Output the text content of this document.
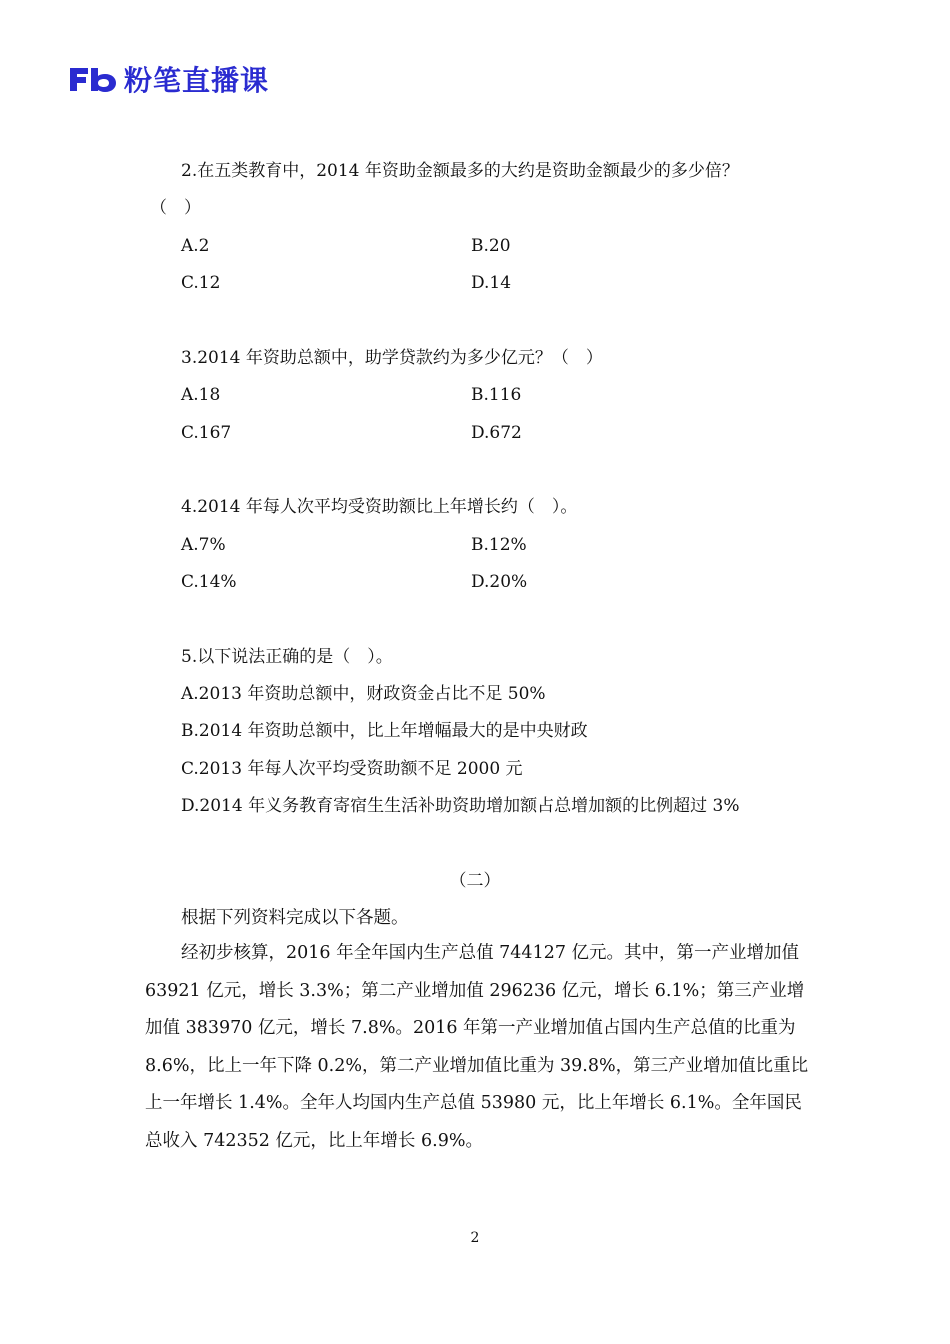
粉笔直播课
2.在五类教育中，2014 年资助金额最多的大约是资助金额最少的多少倍？
（　）
A.2	B.20
C.12	D.14
3.2014 年资助总额中，助学贷款约为多少亿元？（　）
A.18	B.116
C.167	D.672
4.2014 年每人次平均受资助额比上年增长约（　）。
A.7%	B.12%
C.14%	D.20%
5.以下说法正确的是（　）。
A.2013 年资助总额中，财政资金占比不足 50%
B.2014 年资助总额中，比上年增幅最大的是中央财政
C.2013 年每人次平均受资助额不足 2000 元
D.2014 年义务教育寄宿生生活补助资助增加额占总增加额的比例超过 3%
（二）
根据下列资料完成以下各题。
经初步核算，2016 年全年国内生产总值 744127 亿元。其中，第一产业增加值 63921 亿元，增长 3.3%；第二产业增加值 296236 亿元，增长 6.1%；第三产业增加值 383970 亿元，增长 7.8%。2016 年第一产业增加值占国内生产总值的比重为 8.6%，比上一年下降 0.2%，第二产业增加值比重为 39.8%，第三产业增加值比重比上一年增长 1.4%。全年人均国内生产总值 53980 元，比上年增长 6.1%。全年国民总收入 742352 亿元，比上年增长 6.9%。
2
